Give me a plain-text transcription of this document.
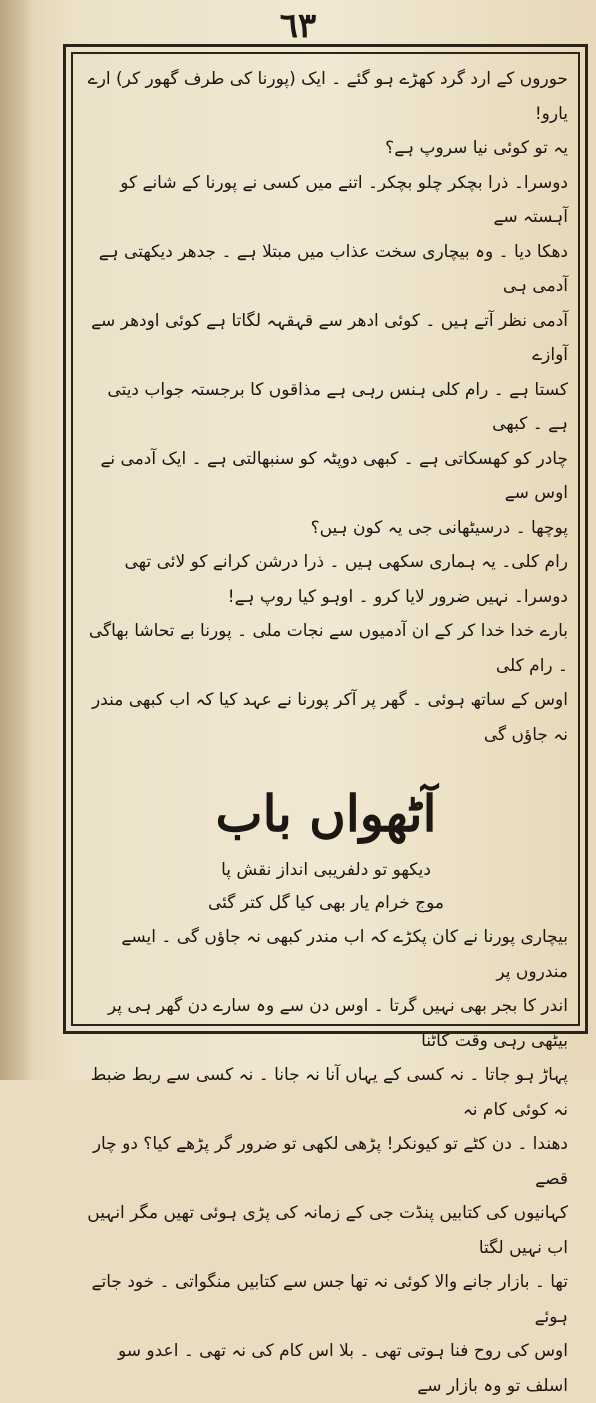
٦٣

حوروں کے ارد گرد کھڑے ہو گئے ۔ ایک (پورنا کی طرف گھور کر) ارے یارو!

یہ تو کوئی نیا سروپ ہے؟

دوسرا۔ ذرا بچکر چلو بچکر۔ اتنے میں کسی نے پورنا کے شانے کو آہستہ سے

دھکا دیا ۔ وہ بیچاری سخت عذاب میں مبتلا ہے ۔ جدھر دیکھتی ہے آدمی ہی

آدمی نظر آتے ہیں ۔ کوئی ادھر سے قہقہہ لگاتا ہے کوئی اودھر سے آوازے

کستا ہے ۔ رام کلی ہنس رہی ہے مذاقوں کا برجستہ جواب دیتی ہے ۔ کبھی

چادر کو کھسکاتی ہے ۔ کبھی دوپٹہ کو سنبھالتی ہے ۔ ایک آدمی نے اوس سے

پوچھا ۔ درسیٹھانی جی یہ کون ہیں؟

رام کلی۔ یہ ہماری سکھی ہیں ۔ ذرا درشن کرانے کو لائی تھی

دوسرا۔ نہیں ضرور لایا کرو ۔ اوہو کیا روپ ہے!

بارے خدا خدا کر کے ان آدمیوں سے نجات ملی ۔ پورنا بے تحاشا بھاگی ۔ رام کلی

اوس کے ساتھ ہوئی ۔ گھر پر آکر پورنا نے عہد کیا کہ اب کبھی مندر نہ جاؤں گی

آٹھواں باب

دیکھو تو دلفریبی انداز نقش پا

موج خرام یار بھی کیا گل کتر گئی

بیچاری پورنا نے کان پکڑے کہ اب مندر کبھی نہ جاؤں گی ۔ ایسے مندروں پر

اندر کا بجر بھی نہیں گرتا ۔ اوس دن سے وہ سارے دن گھر ہی پر بیٹھی رہی وقت کاٹنا

پہاڑ ہو جاتا ۔ نہ کسی کے یہاں آنا نہ جانا ۔ نہ کسی سے ربط ضبط نہ کوئی کام نہ

دھندا ۔ دن کٹے تو کیونکر! پڑھی لکھی تو ضرور گر پڑھے کیا؟ دو چار قصے

کہانیوں کی کتابیں پنڈت جی کے زمانہ کی پڑی ہوئی تھیں مگر انہیں اب نہیں لگتا

تھا ۔ بازار جانے والا کوئی نہ تھا جس سے کتابیں منگواتی ۔ خود جاتے ہوئے

اوس کی روح فنا ہوتی تھی ۔ بلا اس کام کی نہ تھی ۔ اعدو سو اسلف تو وہ بازار سے
